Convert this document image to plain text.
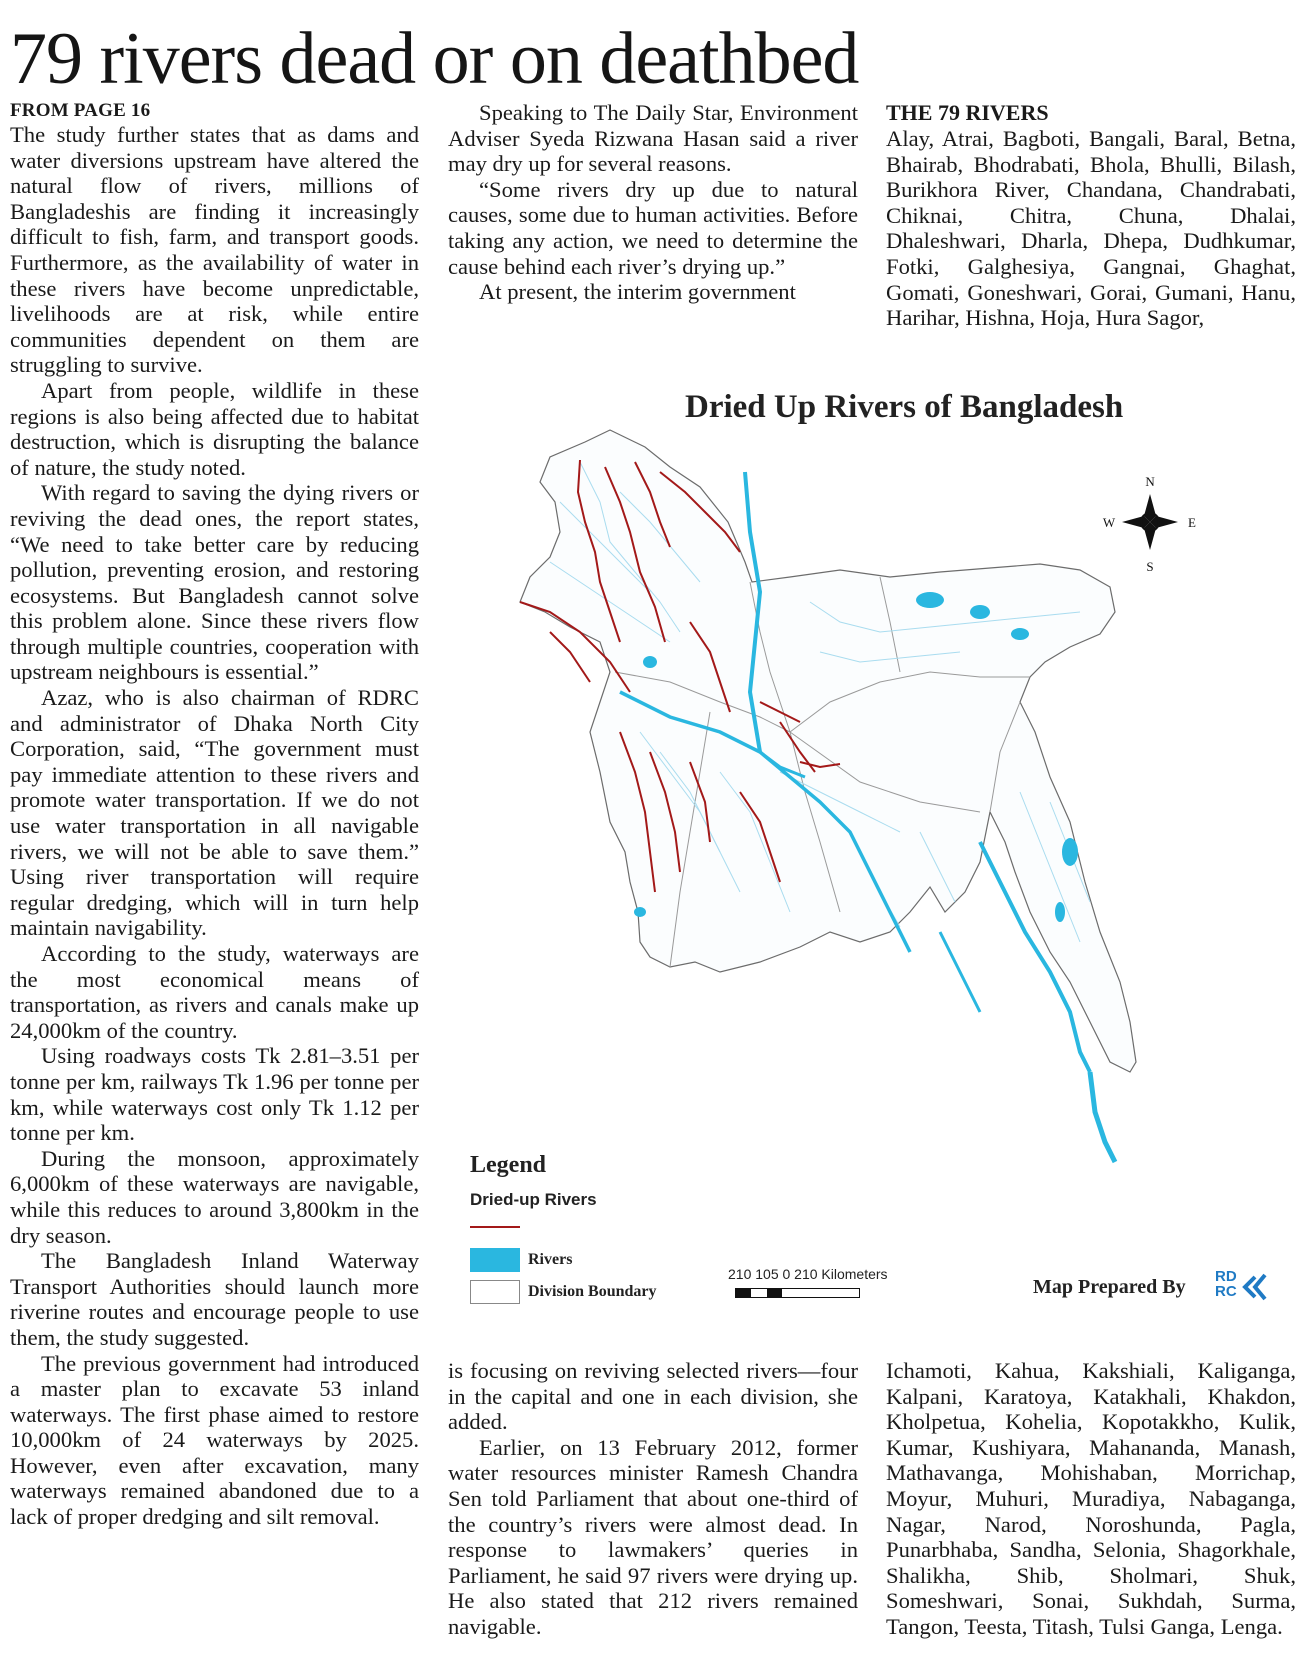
79 rivers dead or on deathbed
FROM PAGE 16

The study further states that as dams and water diversions upstream have altered the natural flow of rivers, millions of Bangladeshis are finding it increasingly difficult to fish, farm, and transport goods. Furthermore, as the availability of water in these rivers have become unpredictable, livelihoods are at risk, while entire communities dependent on them are struggling to survive.

Apart from people, wildlife in these regions is also being affected due to habitat destruction, which is disrupting the balance of nature, the study noted.

With regard to saving the dying rivers or reviving the dead ones, the report states, “We need to take better care by reducing pollution, preventing erosion, and restoring ecosystems. But Bangladesh cannot solve this problem alone. Since these rivers flow through multiple countries, cooperation with upstream neighbours is essential.”

Azaz, who is also chairman of RDRC and administrator of Dhaka North City Corporation, said, “The government must pay immediate attention to these rivers and promote water transportation. If we do not use water transportation in all navigable rivers, we will not be able to save them.” Using river transportation will require regular dredging, which will in turn help maintain navigability.

According to the study, waterways are the most economical means of transportation, as rivers and canals make up 24,000km of the country.

Using roadways costs Tk 2.81–3.51 per tonne per km, railways Tk 1.96 per tonne per km, while waterways cost only Tk 1.12 per tonne per km.

During the monsoon, approximately 6,000km of these waterways are navigable, while this reduces to around 3,800km in the dry season.

The Bangladesh Inland Waterway Transport Authorities should launch more riverine routes and encourage people to use them, the study suggested.

The previous government had introduced a master plan to excavate 53 inland waterways. The first phase aimed to restore 10,000km of 24 waterways by 2025. However, even after excavation, many waterways remained abandoned due to a lack of proper dredging and silt removal.

Speaking to The Daily Star, Environment Adviser Syeda Rizwana Hasan said a river may dry up for several reasons.

“Some rivers dry up due to natural causes, some due to human activities. Before taking any action, we need to determine the cause behind each river’s drying up.”

At present, the interim government

THE 79 RIVERS

Alay, Atrai, Bagboti, Bangali, Baral, Betna, Bhairab, Bhodrabati, Bhola, Bhulli, Bilash, Burikhora River, Chandana, Chandrabati, Chiknai, Chitra, Chuna, Dhalai, Dhaleshwari, Dharla, Dhepa, Dudhkumar, Fotki, Galghesiya, Gangnai, Ghaghat, Gomati, Goneshwari, Gorai, Gumani, Hanu, Harihar, Hishna, Hoja, Hura Sagor,

N
S
E
W
Dried Up Rivers of Bangladesh
Legend
Dried-up Rivers
Rivers
Division Boundary
210 105 0 210 Kilometers
Map Prepared By RD
RC

is focusing on reviving selected rivers—four in the capital and one in each division, she added.

Earlier, on 13 February 2012, former water resources minister Ramesh Chandra Sen told Parliament that about one-third of the country’s rivers were almost dead. In response to lawmakers’ queries in Parliament, he said 97 rivers were drying up. He also stated that 212 rivers remained navigable.

Ichamoti, Kahua, Kakshiali, Kaliganga, Kalpani, Karatoya, Katakhali, Khakdon, Kholpetua, Kohelia, Kopotakkho, Kulik, Kumar, Kushiyara, Mahananda, Manash, Mathavanga, Mohishaban, Morrichap, Moyur, Muhuri, Muradiya, Nabaganga, Nagar, Narod, Noroshunda, Pagla, Punarbhaba, Sandha, Selonia, Shagorkhale, Shalikha, Shib, Sholmari, Shuk, Someshwari, Sonai, Sukhdah, Surma, Tangon, Teesta, Titash, Tulsi Ganga, Lenga.
